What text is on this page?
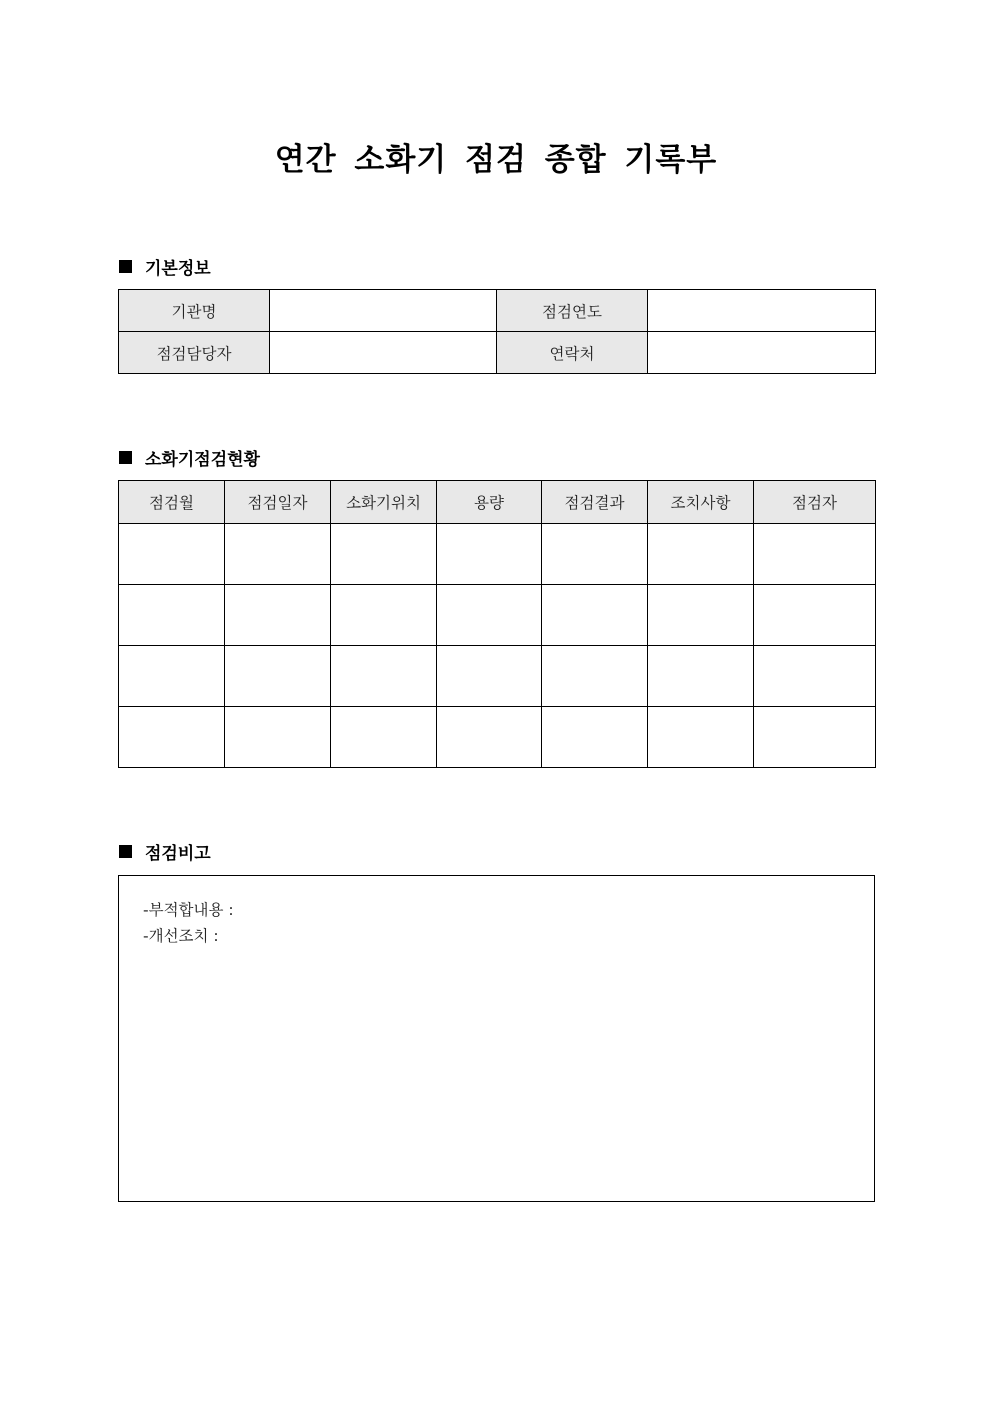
연간 소화기 점검 종합 기록부
기본정보
기관명		점검연도	
점검담당자		연락처	
소화기점검현황
점검월	점검일자	소화기위치	용량	점검결과	조치사항	점검자

점검비고
-부적합내용 :
-개선조치 :
